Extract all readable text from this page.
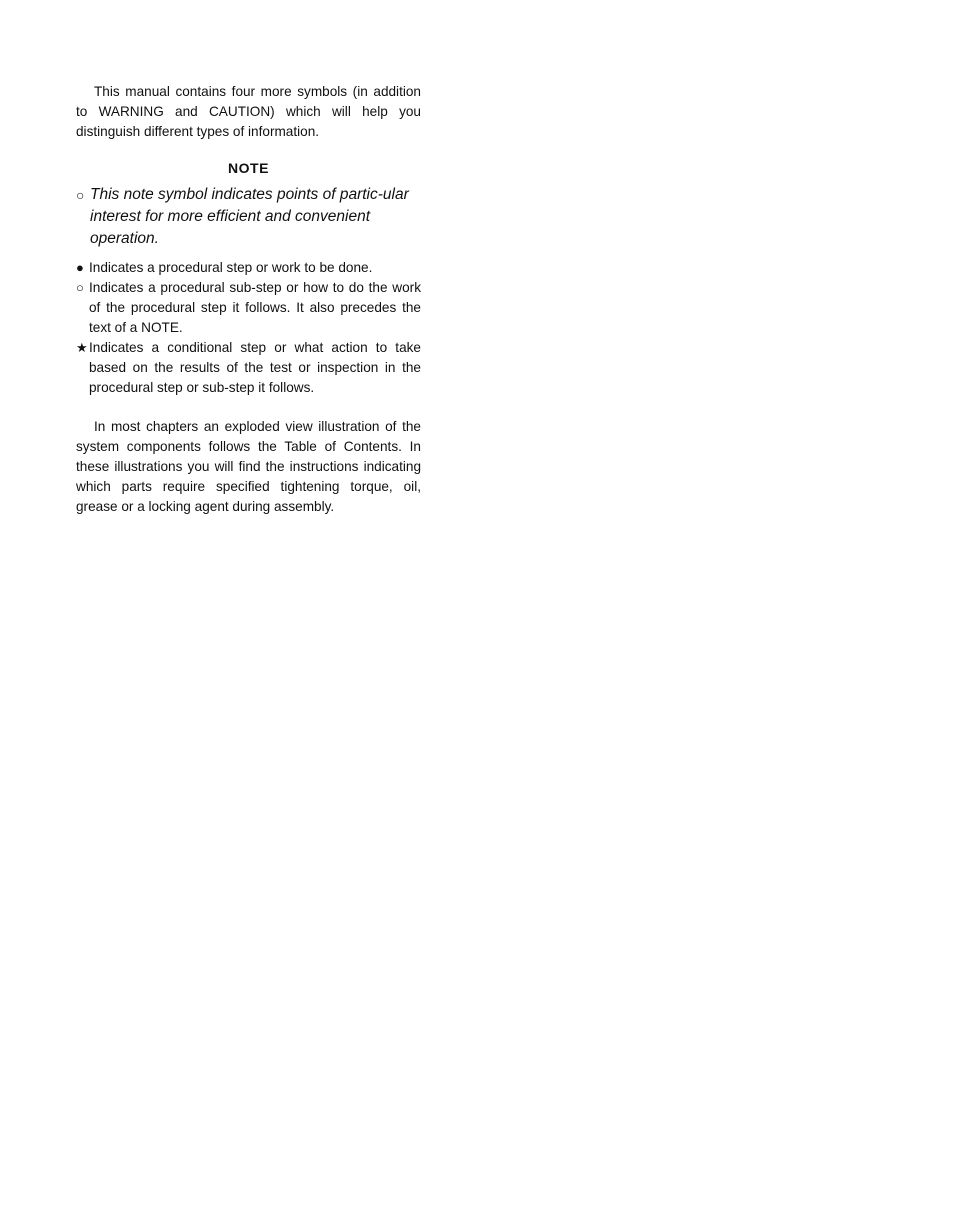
This manual contains four more symbols (in addition to WARNING and CAUTION) which will help you distinguish different types of information.

NOTE

○ This note symbol indicates points of partic-ular interest for more efficient and convenient operation.

● Indicates a procedural step or work to be done.

○ Indicates a procedural sub-step or how to do the work of the procedural step it follows. It also precedes the text of a NOTE.

★ Indicates a conditional step or what action to take based on the results of the test or inspection in the procedural step or sub-step it follows.

In most chapters an exploded view illustration of the system components follows the Table of Contents. In these illustrations you will find the instructions indicating which parts require specified tightening torque, oil, grease or a locking agent during assembly.
